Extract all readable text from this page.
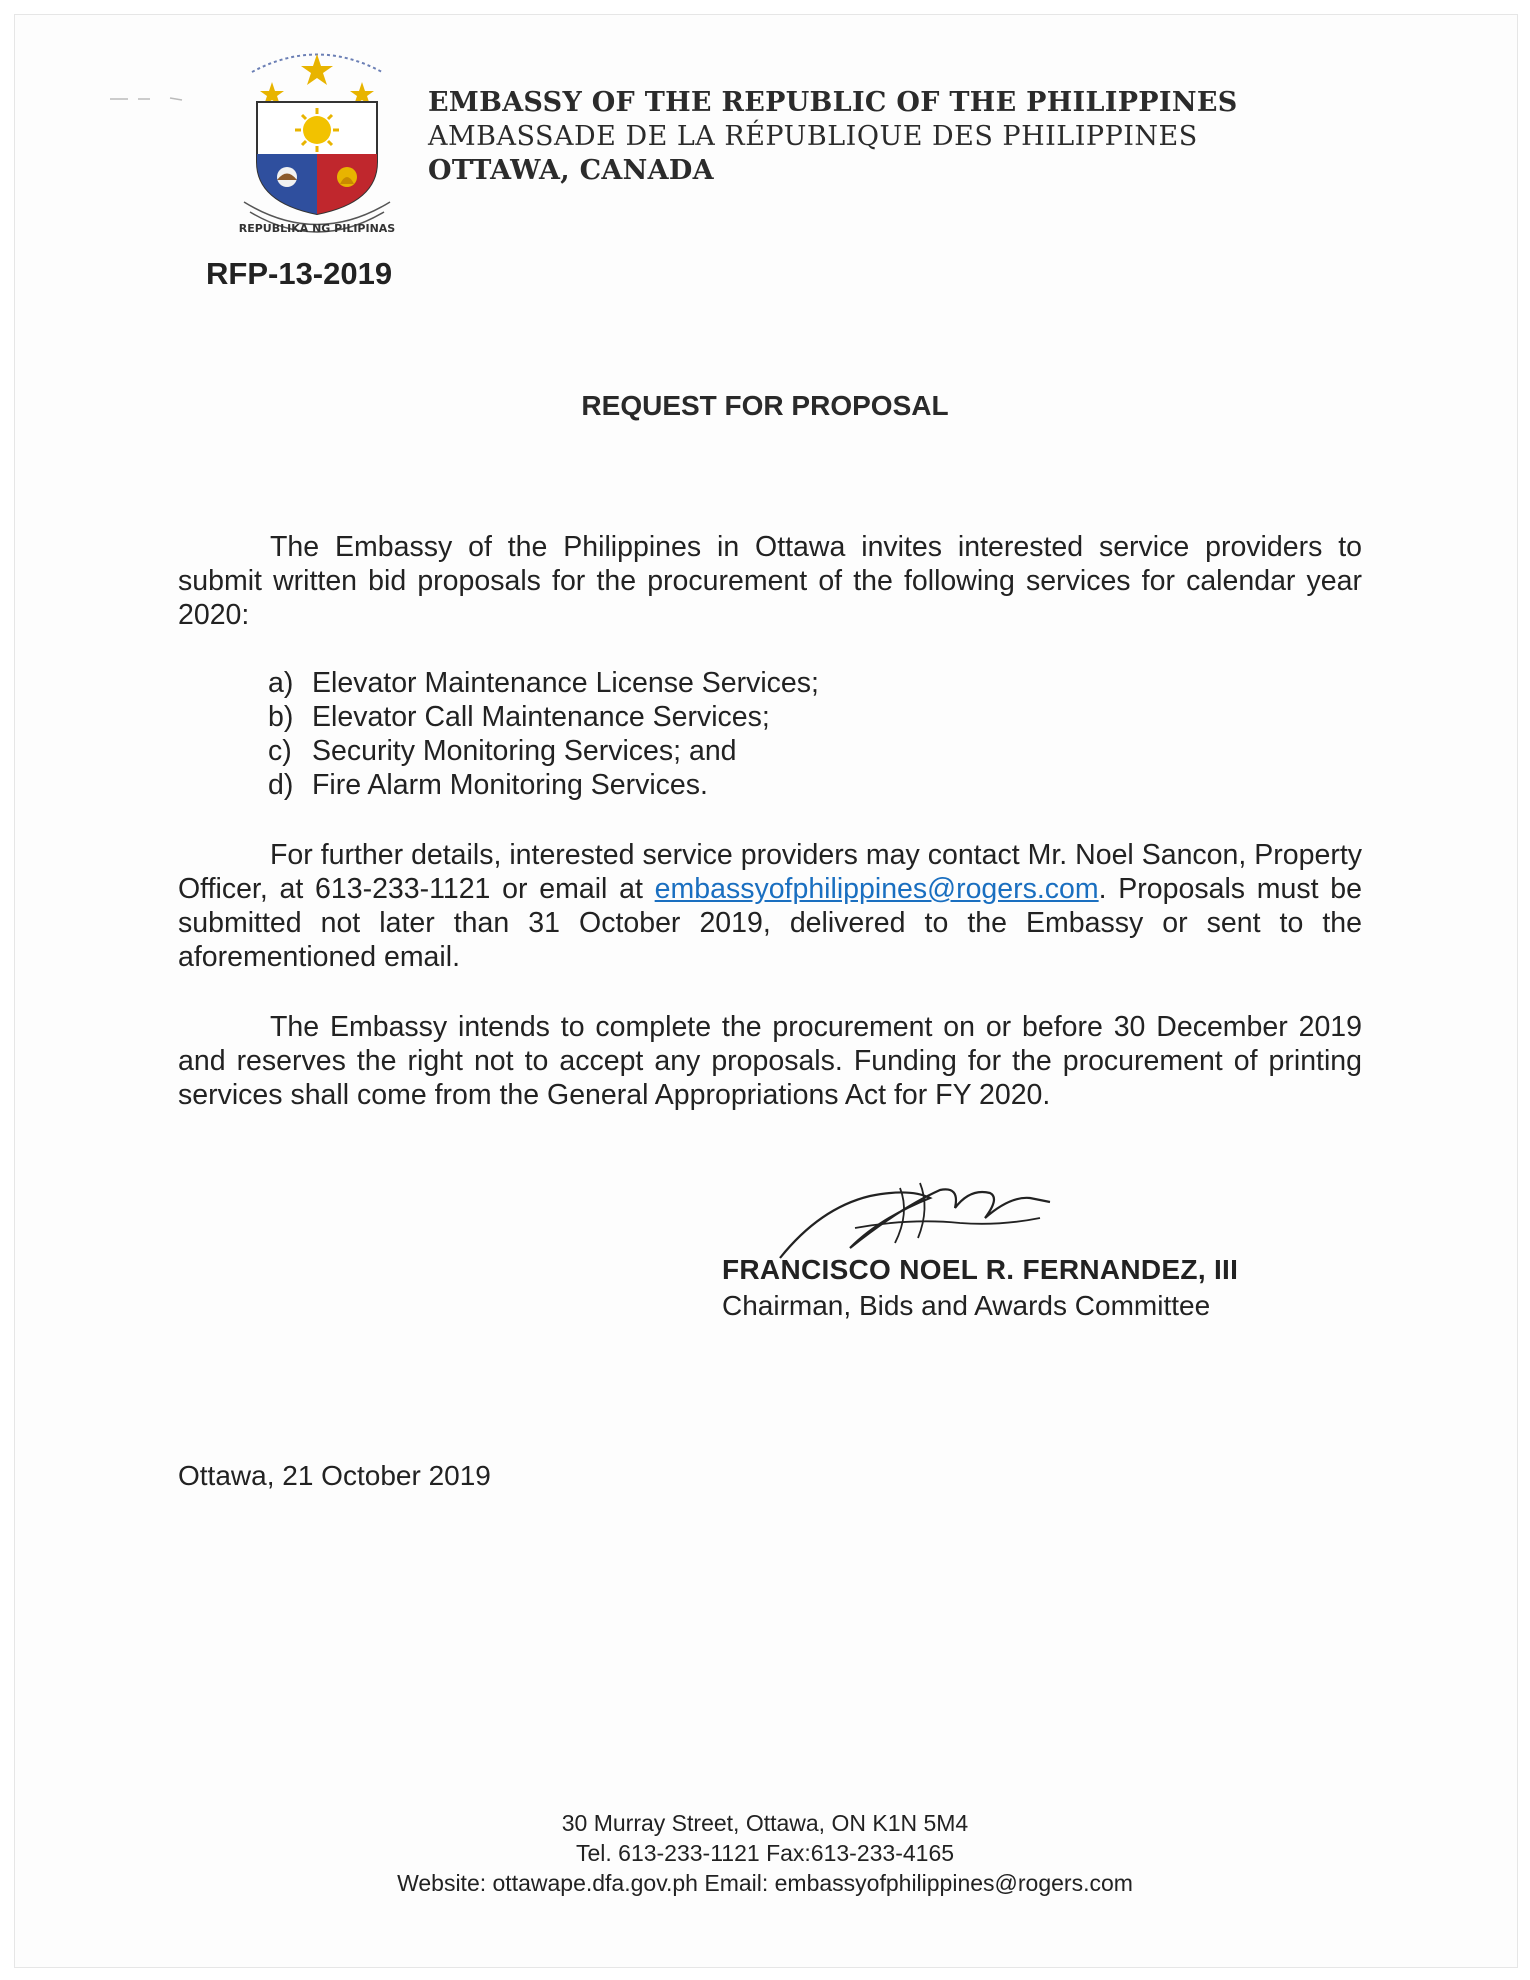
REPUBLIKA NG PILIPINAS
EMBASSY OF THE REPUBLIC OF THE PHILIPPINES
AMBASSADE DE LA RÉPUBLIQUE DES PHILIPPINES
OTTAWA, CANADA
RFP-13-2019
REQUEST FOR PROPOSAL
The Embassy of the Philippines in Ottawa invites interested service providers to submit written bid proposals for the procurement of the following services for calendar year 2020:
a) Elevator Maintenance License Services;
b) Elevator Call Maintenance Services;
c) Security Monitoring Services; and
d) Fire Alarm Monitoring Services.
For further details, interested service providers may contact Mr. Noel Sancon, Property Officer, at 613-233-1121 or email at embassyofphilippines@rogers.com. Proposals must be submitted not later than 31 October 2019, delivered to the Embassy or sent to the aforementioned email.
The Embassy intends to complete the procurement on or before 30 December 2019 and reserves the right not to accept any proposals. Funding for the procurement of printing services shall come from the General Appropriations Act for FY 2020.
FRANCISCO NOEL R. FERNANDEZ, III
Chairman, Bids and Awards Committee
Ottawa, 21 October 2019
30 Murray Street, Ottawa, ON K1N 5M4
Tel. 613-233-1121 Fax:613-233-4165
Website: ottawape.dfa.gov.ph Email: embassyofphilippines@rogers.com
